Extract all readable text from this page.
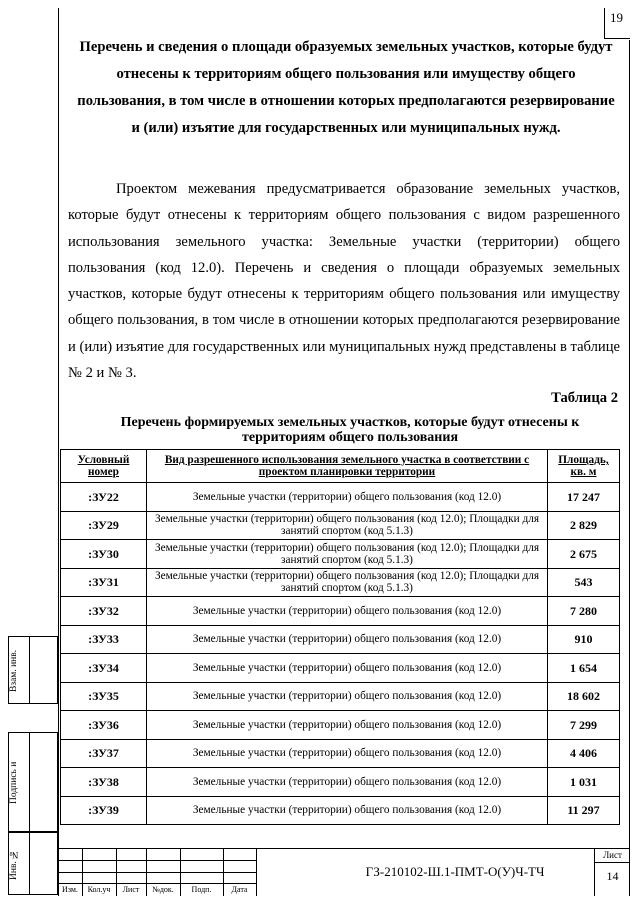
19
Перечень и сведения о площади образуемых земельных участков, которые будут отнесены к территориям общего пользования или имуществу общего пользования, в том числе в отношении которых предполагаются резервирование и (или) изъятие для государственных или муниципальных нужд.

Проектом межевания предусматривается образование земельных участков, которые будут отнесены к территориям общего пользования с видом разрешенного использования земельного участка: Земельные участки (территории) общего пользования (код 12.0). Перечень и сведения о площади образуемых земельных участков, которые будут отнесены к территориям общего пользования или имуществу общего пользования, в том числе в отношении которых предполагаются резервирование и (или) изъятие для государственных или муниципальных нужд представлены в таблице № 2 и № 3.

Таблица 2
Перечень формируемых земельных участков, которые будут отнесены к территориям общего пользования
Условный номер	Вид разрешенного использования земельного участка в соответствии с проектом планировки территории	Площадь, кв. м
:ЗУ22	Земельные участки (территории) общего пользования (код 12.0)	17 247
:ЗУ29	Земельные участки (территории) общего пользования (код 12.0); Площадки для занятий спортом (код 5.1.3)	2 829
:ЗУ30	Земельные участки (территории) общего пользования (код 12.0); Площадки для занятий спортом (код 5.1.3)	2 675
:ЗУ31	Земельные участки (территории) общего пользования (код 12.0); Площадки для занятий спортом (код 5.1.3)	543
:ЗУ32	Земельные участки (территории) общего пользования (код 12.0)	7 280
:ЗУ33	Земельные участки (территории) общего пользования (код 12.0)	910
:ЗУ34	Земельные участки (территории) общего пользования (код 12.0)	1 654
:ЗУ35	Земельные участки (территории) общего пользования (код 12.0)	18 602
:ЗУ36	Земельные участки (территории) общего пользования (код 12.0)	7 299
:ЗУ37	Земельные участки (территории) общего пользования (код 12.0)	4 406
:ЗУ38	Земельные участки (территории) общего пользования (код 12.0)	1 031
:ЗУ39	Земельные участки (территории) общего пользования (код 12.0)	11 297
Взам. инв.
Подпись и
Инв. №
Изм.	Кол.уч	Лист	№док.	Подп.	Дата
ГЗ-210102-Ш.1-ПМТ-О(У)Ч-ТЧ
Лист
14
